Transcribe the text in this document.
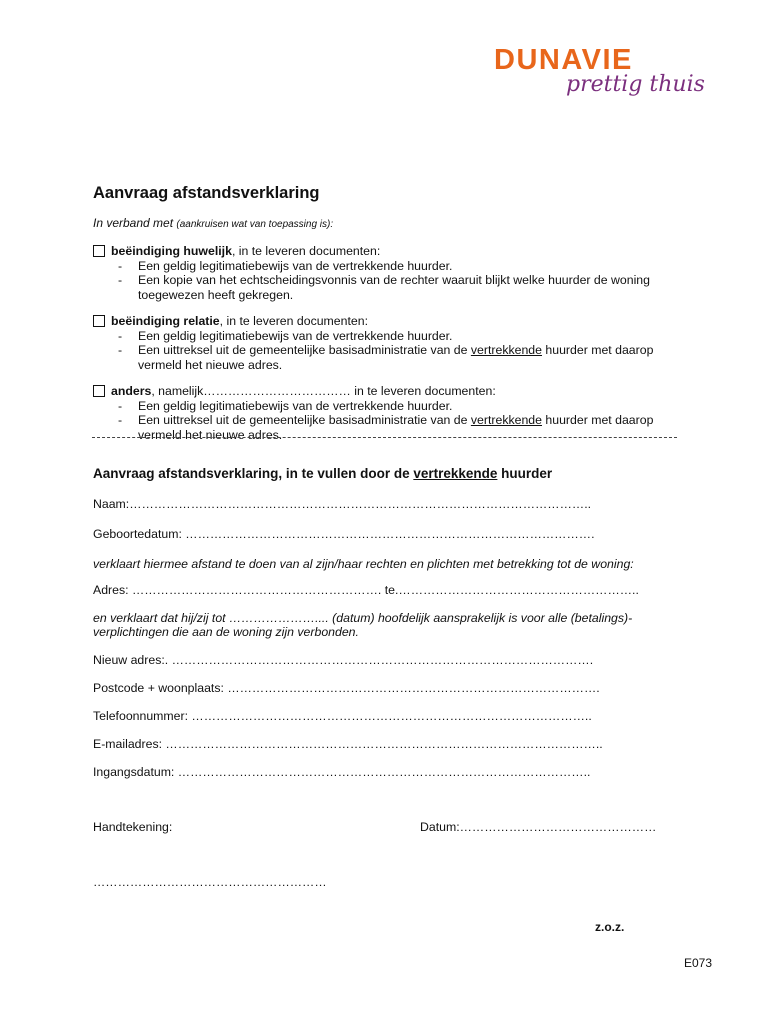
DUNAVIE
prettig thuis
Aanvraag afstandsverklaring
In verband met (aankruisen wat van toepassing is):
beëindiging huwelijk, in te leveren documenten:
- Een geldig legitimatiebewijs van de vertrekkende huurder.
- Een kopie van het echtscheidingsvonnis van de rechter waaruit blijkt welke huurder de woning toegewezen heeft gekregen.
beëindiging relatie, in te leveren documenten:
- Een geldig legitimatiebewijs van de vertrekkende huurder.
- Een uittreksel uit de gemeentelijke basisadministratie van de vertrekkende huurder met daarop vermeld het nieuwe adres.
anders, namelijk……………………………… in te leveren documenten:
- Een geldig legitimatiebewijs van de vertrekkende huurder.
- Een uittreksel uit de gemeentelijke basisadministratie van de vertrekkende huurder met daarop vermeld het nieuwe adres.
Aanvraag afstandsverklaring, in te vullen door de vertrekkende huurder
Naam:…………………………………………………………………………………………………..
Geboortedatum: ……………………………………………………………………………………….
verklaart hiermee afstand te doen van al zijn/haar rechten en plichten met betrekking tot de woning:
Adres: ……………………………………………………. te.…………………………………………………..
en verklaart dat hij/zij tot ………………….... (datum) hoofdelijk aansprakelijk is voor alle (betalings)-
verplichtingen die aan de woning zijn verbonden.
Nieuw adres:. ………………………………………………………………………………………….
Postcode + woonplaats: ……………………………………………………………………………….
Telefoonnummer: ……………………………………………………………………………………..
E-mailadres: ……………………………………………………………………………………………..
Ingangsdatum: ………………………………………………………………………………………..
Handtekening:	Datum:…………………………………………
…………………………………………………
z.o.z.
E073
